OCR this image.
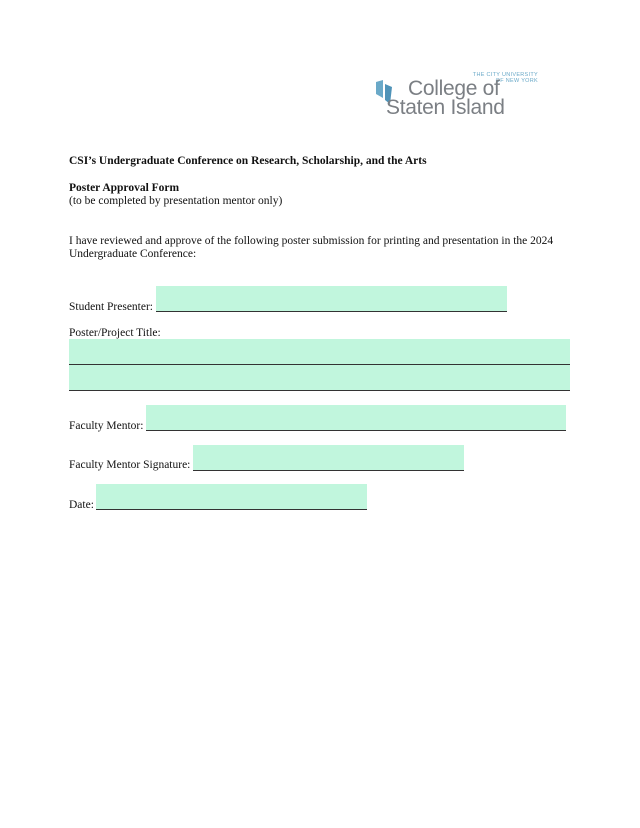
THE CITY UNIVERSITY
OF NEW YORK
College of
Staten Island
CSI’s Undergraduate Conference on Research, Scholarship, and the Arts
Poster Approval Form
(to be completed by presentation mentor only)
I have reviewed and approve of the following poster submission for printing and presentation in the 2024
Undergraduate Conference:
Student Presenter:
Poster/Project Title:
Faculty Mentor:
Faculty Mentor Signature:
Date:
